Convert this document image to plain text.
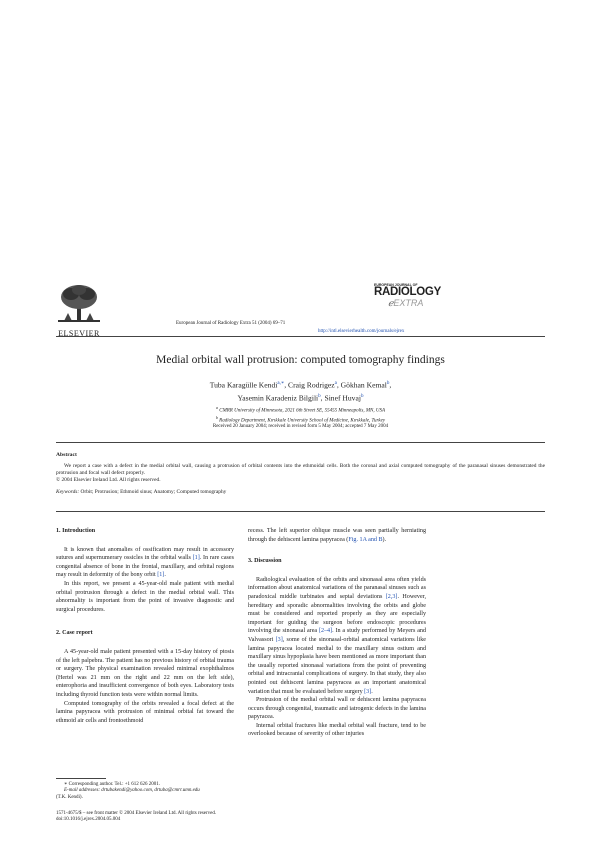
ELSEVIER
European Journal of Radiology Extra 51 (2004) 69–71
EUROPEAN JOURNAL OF
RADIOLOGY
ℯEXTRA
http://intl.elsevierhealth.com/journals/ejrex
Medial orbital wall protrusion: computed tomography findings
Tuba Karagülle Kendi$^{a,∗}$, Craig Rodrigez$^a$, Gökhan Kemal$^b$,
Yasemin Karadeniz Bilgili$^b$, Sinef Huvaj$^b$
$^a$ CMRR University of Minnesota, 2021 6th Street SE, 55455 Minneapolis, MN, USA
$^b$ Radiology Department, Kırıkkale University School of Medicine, Kırıkkale, Turkey
Received 20 January 2004; received in revised form 5 May 2004; accepted 7 May 2004
Abstract

We report a case with a defect in the medial orbital wall, causing a protrusion of orbital contents into the ethmoidal cells. Both the coronal and axial computed tomography of the paranasal sinuses demonstrated the protrusion and focal wall defect properly.

© 2004 Elsevier Ireland Ltd. All rights reserved.

Keywords: Orbit; Protrusion; Ethmoid sinus; Anatomy; Computed tomography

1. Introduction

It is known that anomalies of ossification may result in accessory sutures and supernumerary ossicles in the orbital walls [1]. In rare cases congenital absence of bone in the frontal, maxillary, and orbital regions may result in deformity of the bony orbit [1].

In this report, we present a 45-year-old male patient with medial orbital protrusion through a defect in the medial orbital wall. This abnormality is important from the point of invasive diagnostic and surgical procedures.

2. Case report

A 45-year-old male patient presented with a 15-day history of ptosis of the left palpebra. The patient has no previous history of orbital trauma or surgery. The physical examination revealed minimal exophthalmos (Hertel was 21 mm on the right and 22 mm on the left side), enterophoria and insufficient convergence of both eyes. Laboratory tests including thyroid function tests were within normal limits.

Computed tomography of the orbits revealed a focal defect at the lamina papyracea with protrusion of minimal orbital fat toward the ethmoid air cells and frontoethmoid

∗ Corresponding author. Tel.: +1 612 626 2001.
E-mail addresses: drtubakendi@yahoo.com, drtuba@cmrr.umn.edu
(T.K. Kendi).
1571-4675/$ – see front matter © 2004 Elsevier Ireland Ltd. All rights reserved.
doi:10.1016/j.ejrex.2004.05.004

recess. The left superior oblique muscle was seen partially herniating through the dehiscent lamina papyracea (Fig. 1A and B).

3. Discussion

Radiological evaluation of the orbits and sinonasal area often yields information about anatomical variations of the paranasal sinuses such as paradoxical middle turbinates and septal deviations [2,3]. However, hereditary and sporadic abnormalities involving the orbits and globe must be considered and reported properly as they are especially important for guiding the surgeon before endoscopic procedures involving the sinonasal area [2–4]. In a study performed by Meyers and Valvassori [3], some of the sinonasal-orbital anatomical variations like lamina papyracea located medial to the maxillary sinus ostium and maxillary sinus hypoplasia have been mentioned as more important than the usually reported sinonasal variations from the point of preventing orbital and intracranial complications of surgery. In that study, they also pointed out dehiscent lamina papyracea as an important anatomical variation that must be evaluated before surgery [3].

Protrusion of the medial orbital wall or dehiscent lamina papyracea occurs through congenital, traumatic and iatrogenic defects in the lamina papyracea.

Internal orbital fractures like medial orbital wall fracture, tend to be overlooked because of severity of other injuries
